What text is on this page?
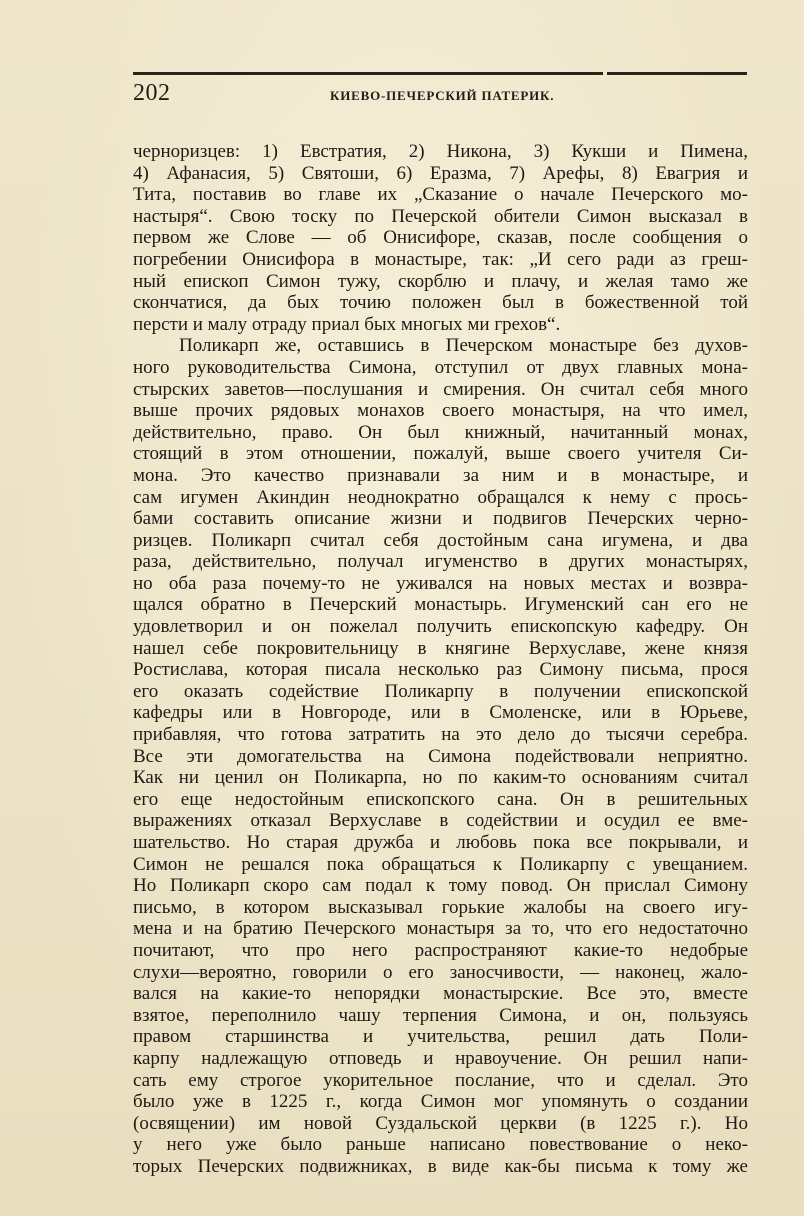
202	КИЕВО-ПЕЧЕРСКИЙ ПАТЕРИК.
черноризцев: 1) Евстратия, 2) Никона, 3) Кукши и Пимена,
4) Афанасия, 5) Святоши, 6) Еразма, 7) Арефы, 8) Евагрия и
Тита, поставив во главе их „Сказание о начале Печерского мо-
настыря“. Свою тоску по Печерской обители Симон высказал в
первом же Слове — об Онисифоре, сказав, после сообщения о
погребении Онисифора в монастыре, так: „И сего ради аз греш-
ный епископ Симон тужу, скорблю и плачу, и желая тамо же
скончатися, да бых точию положен был в божественной той
персти и малу отраду приал бых многых ми грехов“.
Поликарп же, оставшись в Печерском монастыре без духов-
ного руководительства Симона, отступил от двух главных мона-
стырских заветов—послушания и смирения. Он считал себя много
выше прочих рядовых монахов своего монастыря, на что имел,
действительно, право. Он был книжный, начитанный монах,
стоящий в этом отношении, пожалуй, выше своего учителя Си-
мона. Это качество признавали за ним и в монастыре, и
сам игумен Акиндин неоднократно обращался к нему с прось-
бами составить описание жизни и подвигов Печерских черно-
ризцев. Поликарп считал себя достойным сана игумена, и два
раза, действительно, получал игуменство в других монастырях,
но оба раза почему-то не уживался на новых местах и возвра-
щался обратно в Печерский монастырь. Игуменский сан его не
удовлетворил и он пожелал получить епископскую кафедру. Он
нашел себе покровительницу в княгине Верхуславе, жене князя
Ростислава, которая писала несколько раз Симону письма, прося
его оказать содействие Поликарпу в получении епископской
кафедры или в Новгороде, или в Смоленске, или в Юрьеве,
прибавляя, что готова затратить на это дело до тысячи серебра.
Все эти домогательства на Симона подействовали неприятно.
Как ни ценил он Поликарпа, но по каким-то основаниям считал
его еще недостойным епископского сана. Он в решительных
выражениях отказал Верхуславе в содействии и осудил ее вме-
шательство. Но старая дружба и любовь пока все покрывали, и
Симон не решался пока обращаться к Поликарпу с увещанием.
Но Поликарп скоро сам подал к тому повод. Он прислал Симону
письмо, в котором высказывал горькие жалобы на своего игу-
мена и на братию Печерского монастыря за то, что его недостаточно
почитают, что про него распространяют какие-то недобрые
слухи—вероятно, говорили о его заносчивости, — наконец, жало-
вался на какие-то непорядки монастырские. Все это, вместе
взятое, переполнило чашу терпения Симона, и он, пользуясь
правом старшинства и учительства, решил дать Поли-
карпу надлежащую отповедь и нравоучение. Он решил напи-
сать ему строгое укорительное послание, что и сделал. Это
было уже в 1225 г., когда Симон мог упомянуть о создании
(освящении) им новой Суздальской церкви (в 1225 г.). Но
у него уже было раньше написано повествование о неко-
торых Печерских подвижниках, в виде как-бы письма к тому же
